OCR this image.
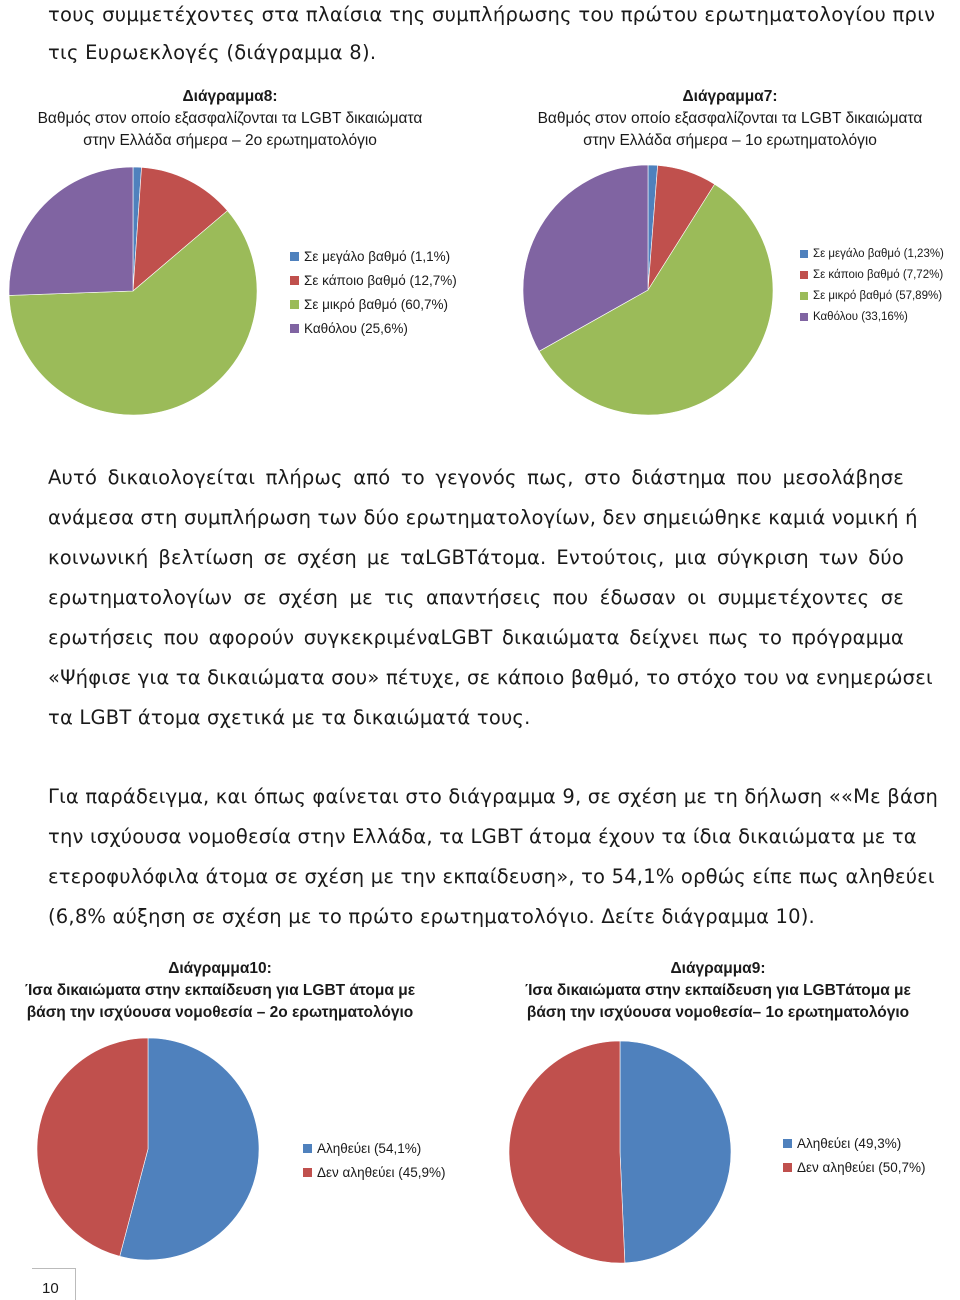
τους συμμετέχοντες στα πλαίσια της συμπλήρωσης του πρώτου ερωτηματολογίου πριν
τις Ευρωεκλογές (διάγραμμα 8).
Διάγραμμα8:
Βαθμός στον οποίο εξασφαλίζονται τα LGBT δικαιώματα
στην Ελλάδα σήμερα – 2ο ερωτηματολόγιο
Διάγραμμα7:
Βαθμός στον οποίο εξασφαλίζονται τα LGBT δικαιώματα
στην Ελλάδα σήμερα – 1ο ερωτηματολόγιο
Σε μεγάλο βαθμό (1,1%)
Σε κάποιο βαθμό (12,7%)
Σε μικρό βαθμό (60,7%)
Καθόλου (25,6%)
Σε μεγάλο βαθμό (1,23%)
Σε κάποιο βαθμό (7,72%)
Σε μικρό βαθμό (57,89%)
Καθόλου (33,16%)
Αυτό δικαιολογείται πλήρως από το γεγονός πως, στο διάστημα που μεσολάβησε
ανάμεσα στη συμπλήρωση των δύο ερωτηματολογίων, δεν σημειώθηκε καμιά νομική ή
κοινωνική βελτίωση σε σχέση με ταLGBTάτομα. Εντούτοις, μια σύγκριση των δύο
ερωτηματολογίων σε σχέση με τις απαντήσεις που έδωσαν οι συμμετέχοντες σε
ερωτήσεις που αφορούν συγκεκριμέναLGBT δικαιώματα δείχνει πως το πρόγραμμα
«Ψήφισε για τα δικαιώματα σου» πέτυχε, σε κάποιο βαθμό, το στόχο του να ενημερώσει
τα LGBT άτομα σχετικά με τα δικαιώματά τους.
Για παράδειγμα, και όπως φαίνεται στο διάγραμμα 9, σε σχέση με τη δήλωση ««Με βάση
την ισχύουσα νομοθεσία στην Ελλάδα, τα LGBT άτομα έχουν τα ίδια δικαιώματα με τα
ετεροφυλόφιλα άτομα σε σχέση με την εκπαίδευση», το 54,1% ορθώς είπε πως αληθεύει
(6,8% αύξηση σε σχέση με το πρώτο ερωτηματολόγιο. Δείτε διάγραμμα 10).
Διάγραμμα10:
Ίσα δικαιώματα στην εκπαίδευση για LGBT άτομα με
βάση την ισχύουσα νομοθεσία – 2ο ερωτηματολόγιο
Διάγραμμα9:
Ίσα δικαιώματα στην εκπαίδευση για LGBTάτομα με
βάση την ισχύουσα νομοθεσία– 1ο ερωτηματολόγιο
Αληθεύει (54,1%)
Δεν αληθεύει (45,9%)
Αληθεύει (49,3%)
Δεν αληθεύει (50,7%)
10
